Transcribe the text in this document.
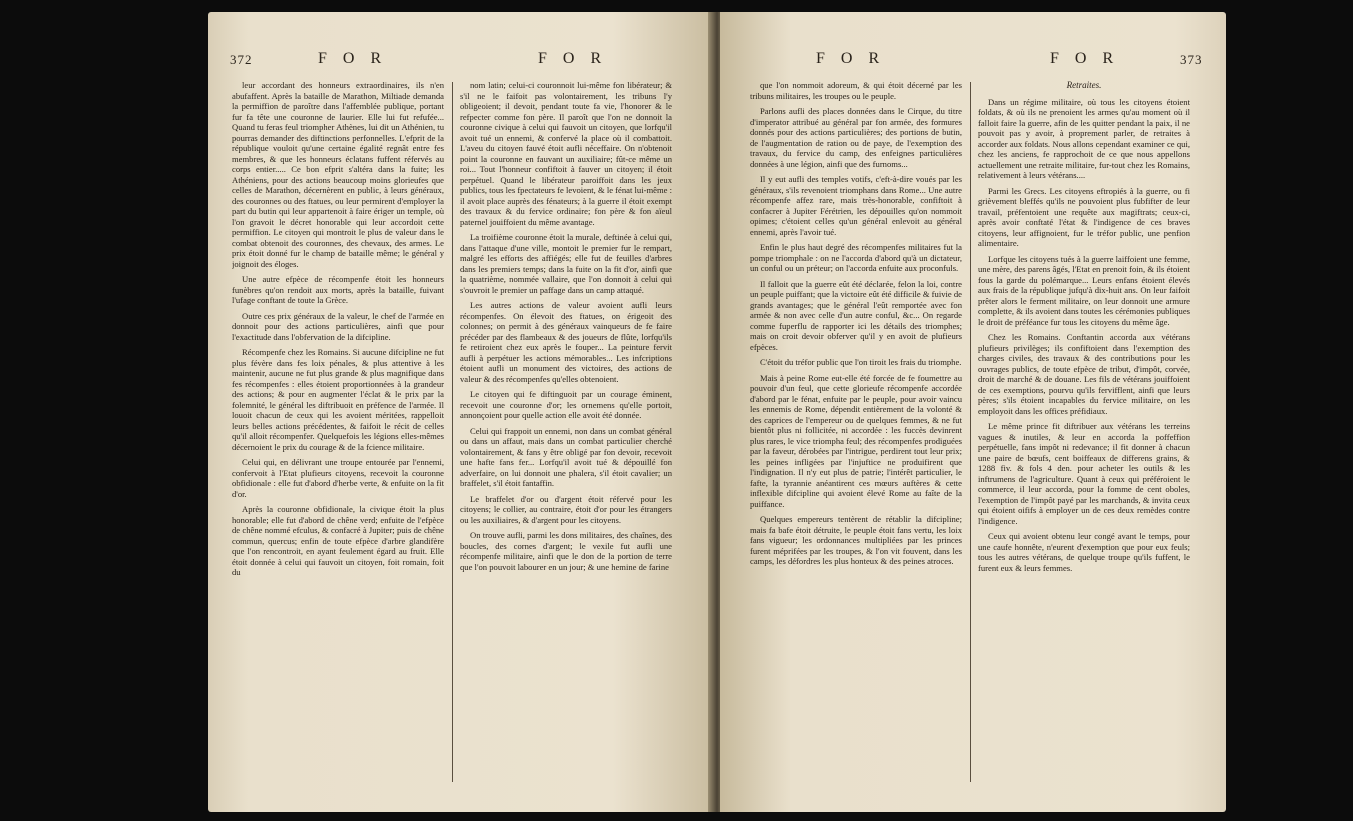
372	F O R	F O R

leur accordant des honneurs extraordinaires, ils n'en abufaffent. Après la bataille de Marathon, Miltiade demanda la permiffion de paroître dans l'affemblée publique, portant fur fa tête une couronne de laurier. Elle lui fut refufée... Quand tu feras feul triompher Athènes, lui dit un Athénien, tu pourras demander des diftinctions perfonnelles. L'efprit de la république vouloit qu'une certaine égalité regnât entre fes membres, & que les honneurs éclatans fuffent réfervés au corps entier..... Ce bon efprit s'altéra dans la fuite; les Athéniens, pour des actions beaucoup moins glorieufes que celles de Marathon, décernèrent en public, à leurs généraux, des couronnes ou des ftatues, ou leur permirent d'employer la part du butin qui leur appartenoit à faire ériger un temple, où l'on gravoit le décret honorable qui leur accordoit cette permiffion. Le citoyen qui montroit le plus de valeur dans le combat obtenoit des couronnes, des chevaux, des armes. Le prix étoit donné fur le champ de bataille même; le général y joignoit des éloges.

Une autre efpèce de récompenfe étoit les honneurs funèbres qu'on rendoit aux morts, après la bataille, fuivant l'ufage conftant de toute la Grèce.

Outre ces prix généraux de la valeur, le chef de l'armée en donnoit pour des actions particulières, ainfi que pour l'exactitude dans l'obfervation de la difcipline.

Récompenfe chez les Romains. Si aucune difcipline ne fut plus févère dans fes loix pénales, & plus attentive à les maintenir, aucune ne fut plus grande & plus magnifique dans fes récompenfes : elles étoient proportionnées à la grandeur des actions; & pour en augmenter l'éclat & le prix par la folemnité, le général les diftribuoit en préfence de l'armée. Il louoit chacun de ceux qui les avoient méritées, rappelloit leurs belles actions précédentes, & faifoit le récit de celles qu'il alloit récompenfer. Quelquefois les légions elles-mêmes décernoient le prix du courage & de la fcience militaire.

Celui qui, en délivrant une troupe entourée par l'ennemi, confervoit à l'Etat plufieurs citoyens, recevoit la couronne obfidionale : elle fut d'abord d'herbe verte, & enfuite on la fit d'or.

Après la couronne obfidionale, la civique étoit la plus honorable; elle fut d'abord de chêne verd; enfuite de l'efpèce de chêne nommé efculus, & confacré à Jupiter; puis de chêne commun, quercus; enfin de toute efpèce d'arbre glandifère que l'on rencontroit, en ayant feulement égard au fruit. Elle étoit donnée à celui qui fauvoit un citoyen, foit romain, foit du

nom latin; celui-ci couronnoit lui-même fon libérateur; & s'il ne le faifoit pas volontairement, les tribuns l'y obligeoient; il devoit, pendant toute fa vie, l'honorer & le refpecter comme fon père. Il paroît que l'on ne donnoit la couronne civique à celui qui fauvoit un citoyen, que lorfqu'il avoit tué un ennemi, & confervé la place où il combattoit. L'aveu du citoyen fauvé étoit aufli néceffaire. On n'obtenoit point la couronne en fauvant un auxiliaire; fût-ce même un roi... Tout l'honneur confiftoit à fauver un citoyen; il étoit perpétuel. Quand le libérateur paroiffoit dans les jeux publics, tous les fpectateurs fe levoient, & le fénat lui-même : il avoit place auprès des fénateurs; à la guerre il étoit exempt des travaux & du fervice ordinaire; fon père & fon aïeul paternel jouiffoient du même avantage.

La troifième couronne étoit la murale, deftinée à celui qui, dans l'attaque d'une ville, montoit le premier fur le rempart, malgré les efforts des affiégés; elle fut de feuilles d'arbres dans les premiers temps; dans la fuite on la fit d'or, ainfi que la quatrième, nommée vallaire, que l'on donnoit à celui qui s'ouvroit le premier un paffage dans un camp attaqué.

Les autres actions de valeur avoient aufli leurs récompenfes. On élevoit des ftatues, on érigeoit des colonnes; on permit à des généraux vainqueurs de fe faire précéder par des flambeaux & des joueurs de flûte, lorfqu'ils fe retiroient chez eux après le fouper... La peinture fervit aufli à perpétuer les actions mémorables... Les infcriptions étoient aufli un monument des victoires, des actions de valeur & des récompenfes qu'elles obtenoient.

Le citoyen qui fe diftinguoit par un courage éminent, recevoit une couronne d'or; les ornemens qu'elle portoit, annonçoient pour quelle action elle avoit été donnée.

Celui qui frappoit un ennemi, non dans un combat général ou dans un affaut, mais dans un combat particulier cherché volontairement, & fans y être obligé par fon devoir, recevoit une hafte fans fer... Lorfqu'il avoit tué & dépouillé fon adverfaire, on lui donnoit une phalera, s'il étoit cavalier; un braffelet, s'il étoit fantaffin.

Le braffelet d'or ou d'argent étoit réfervé pour les citoyens; le collier, au contraire, étoit d'or pour les étrangers ou les auxiliaires, & d'argent pour les citoyens.

On trouve aufli, parmi les dons militaires, des chaînes, des boucles, des cornes d'argent; le vexile fut aufli une récompenfe militaire, ainfi que le don de la portion de terre que l'on pouvoit labourer en un jour; & une hemine de farine

F O R	F O R	373

que l'on nommoit adoreum, & qui étoit décerné par les tribuns militaires, les troupes ou le peuple.

Parlons aufli des places données dans le Cirque, du titre d'imperator attribué au général par fon armée, des formures donnés pour des actions particulières; des portions de butin, de l'augmentation de ration ou de paye, de l'exemption des travaux, du fervice du camp, des enfeignes particulières données à une légion, ainfi que des furnoms...

Il y eut aufli des temples votifs, c'eft-à-dire voués par les généraux, s'ils revenoient triomphans dans Rome... Une autre récompenfe affez rare, mais très-honorable, confiftoit à confacrer à Jupiter Férétrien, les dépouilles qu'on nommoit opimes; c'étoient celles qu'un général enlevoit au général ennemi, après l'avoir tué.

Enfin le plus haut degré des récompenfes militaires fut la pompe triomphale : on ne l'accorda d'abord qu'à un dictateur, un conful ou un préteur; on l'accorda enfuite aux proconfuls.

Il falloit que la guerre eût été déclarée, felon la loi, contre un peuple puiffant; que la victoire eût été difficile & fuivie de grands avantages; que le général l'eût remportée avec fon armée & non avec celle d'un autre conful, &c... On regarde comme fuperflu de rapporter ici les détails des triomphes; mais on croit devoir obferver qu'il y en avoit de plufieurs efpèces.

C'étoit du tréfor public que l'on tiroit les frais du triomphe.

Mais à peine Rome eut-elle été forcée de fe foumettre au pouvoir d'un feul, que cette glorieufe récompenfe accordée d'abord par le fénat, enfuite par le peuple, pour avoir vaincu les ennemis de Rome, dépendit entièrement de la volonté & des caprices de l'empereur ou de quelques femmes, & ne fut bientôt plus ni follicitée, ni accordée : les fuccès devinrent plus rares, le vice triompha feul; des récompenfes prodiguées par la faveur, dérobées par l'intrigue, perdirent tout leur prix; les peines infligées par l'injuftice ne produifirent que l'indignation. Il n'y eut plus de patrie; l'intérêt particulier, le fafte, la tyrannie anéantirent ces mœurs auftères & cette inflexible difcipline qui avoient élevé Rome au faîte de la puiffance.

Quelques empereurs tentèrent de rétablir la difcipline; mais fa bafe étoit détruite, le peuple étoit fans vertu, les loix fans vigueur; les ordonnances multipliées par les princes furent méprifées par les troupes, & l'on vit fouvent, dans les camps, les défordres les plus honteux & des peines atroces.

Retraites.

Dans un régime militaire, où tous les citoyens étoient foldats, & où ils ne prenoient les armes qu'au moment où il falloit faire la guerre, afin de les quitter pendant la paix, il ne pouvoit pas y avoir, à proprement parler, de retraites à accorder aux foldats. Nous allons cependant examiner ce qui, chez les anciens, fe rapprochoit de ce que nous appellons actuellement une retraite militaire, fur-tout chez les Romains, relativement à leurs vétérans....

Parmi les Grecs. Les citoyens eftropiés à la guerre, ou fi grièvement bleffés qu'ils ne pouvoient plus fubfifter de leur travail, préfentoient une requête aux magiftrats; ceux-ci, après avoir conftaté l'état & l'indigence de ces braves citoyens, leur affignoient, fur le tréfor public, une penfion alimentaire.

Lorfque les citoyens tués à la guerre laiffoient une femme, une mère, des parens âgés, l'Etat en prenoit foin, & ils étoient fous la garde du polémarque... Leurs enfans étoient élevés aux frais de la république jufqu'à dix-huit ans. On leur faifoit prêter alors le ferment militaire, on leur donnoit une armure complette, & ils avoient dans toutes les cérémonies publiques le droit de préféance fur tous les citoyens du même âge.

Chez les Romains. Conftantin accorda aux vétérans plufieurs privilèges; ils confiftoient dans l'exemption des charges civiles, des travaux & des contributions pour les ouvrages publics, de toute efpèce de tribut, d'impôt, corvée, droit de marché & de douane. Les fils de vétérans jouiffoient de ces exemptions, pourvu qu'ils fervifflent, ainfi que leurs pères; s'ils étoient incapables du fervice militaire, on les employoit dans les offices préfidiaux.

Le même prince fit diftribuer aux vétérans les terreins vagues & inutiles, & leur en accorda la poffeffion perpétuelle, fans impôt ni redevance; il fit donner à chacun une paire de bœufs, cent boiffeaux de differens grains, & 1288 fiv. & fols 4 den. pour acheter les outils & les inftrumens de l'agriculture. Quant à ceux qui préféroient le commerce, il leur accorda, pour la fomme de cent oboles, l'exemption de l'impôt payé par les marchands, & invita ceux qui étoient oififs à employer un de ces deux remèdes contre l'indigence.

Ceux qui avoient obtenu leur congé avant le temps, pour une caufe honnête, n'eurent d'exemption que pour eux feuls; tous les autres vétérans, de quelque troupe qu'ils fuffent, le furent eux & leurs femmes.
